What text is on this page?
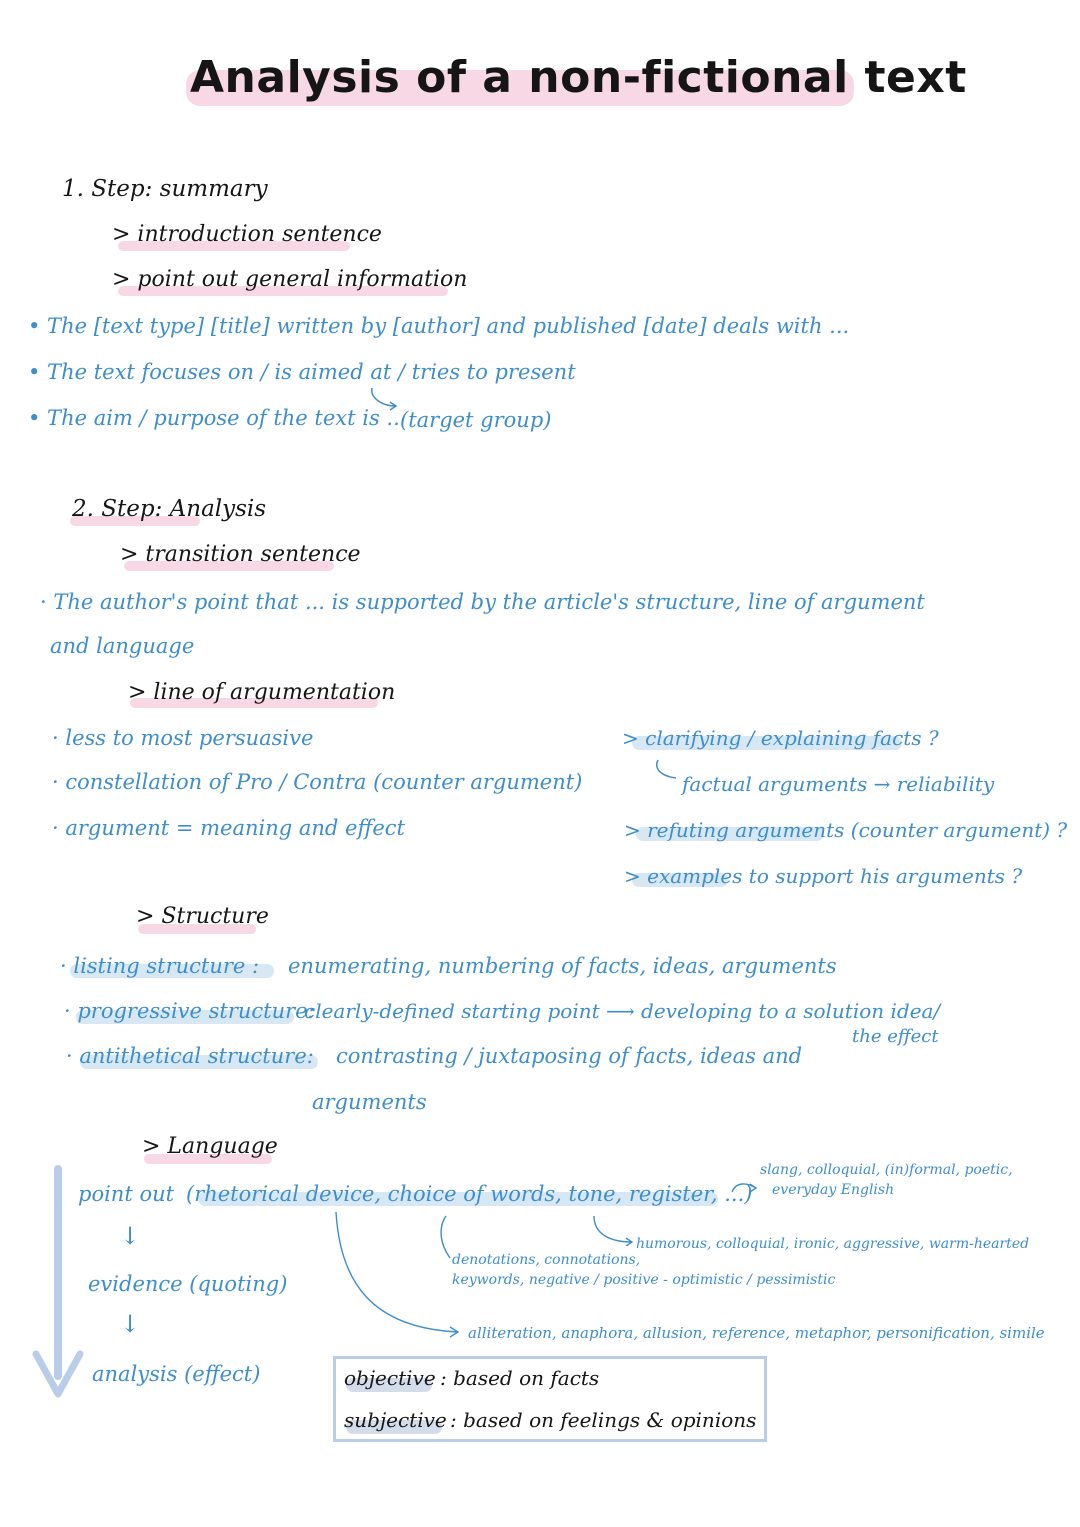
Analysis of a non-fictional text
1. Step: summary
> introduction sentence
> point out general information
• The [text type] [title] written by [author] and published [date] deals with ...
• The text focuses on / is aimed at / tries to present
• The aim / purpose of the text is .. (target group)
2. Step: Analysis
> transition sentence
· The author's point that ... is supported by the article's structure, line of argument
and language
> line of argumentation
· less to most persuasive
· constellation of Pro / Contra (counter argument)
· argument = meaning and effect
> clarifying / explaining facts ?
factual arguments → reliability
> refuting arguments (counter argument) ?
> examples to support his arguments ?
> Structure
· listing structure : enumerating, numbering of facts, ideas, arguments
· progressive structure:
clearly-defined starting point ⟶ developing to a solution idea/
the effect
· antithetical structure: contrasting / juxtaposing of facts, ideas and
arguments
> Language
point out (rhetorical device, choice of words, tone, register, ...)
slang, colloquial, (in)formal, poetic,
everyday English
humorous, colloquial, ironic, aggressive, warm-hearted
denotations, connotations,
keywords, negative / positive - optimistic / pessimistic
alliteration, anaphora, allusion, reference, metaphor, personification, simile
↓
evidence (quoting)
↓
analysis (effect)	objective : based on facts
subjective : based on feelings & opinions
